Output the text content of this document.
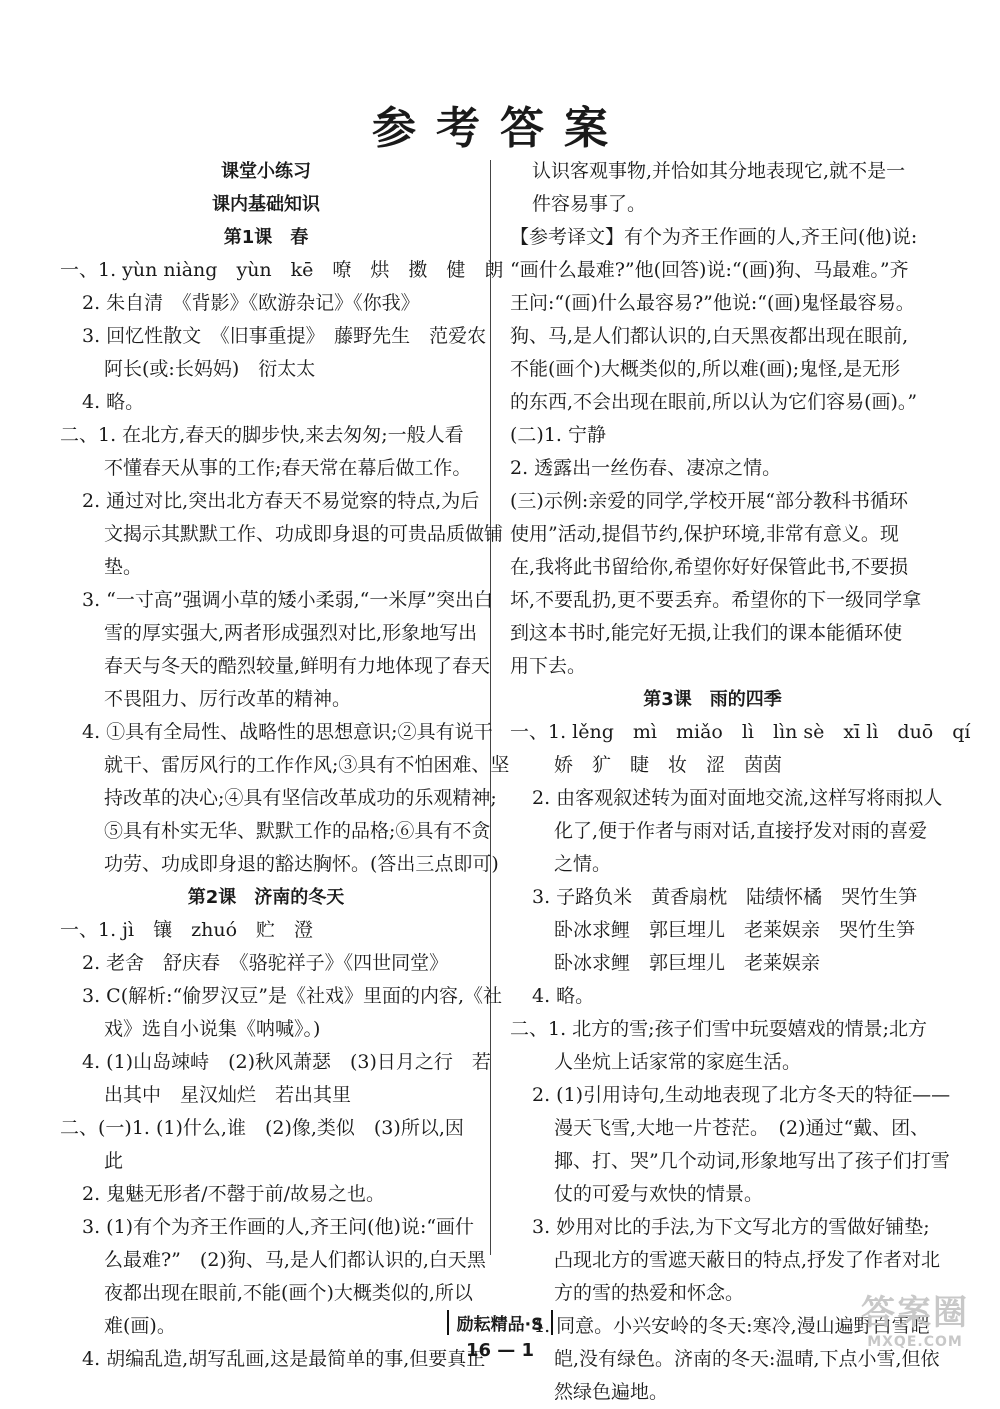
参考答案
课堂小练习
课内基础知识
第1课　春
一、1. yùn niàng　yùn　kē　嘹　烘　擞　健　朗
2. 朱自清　《背影》《欧游杂记》《你我》
3. 回忆性散文　《旧事重提》　藤野先生　范爱农
阿长(或:长妈妈)　衍太太
4. 略。
二、1. 在北方,春天的脚步快,来去匆匆;一般人看
不懂春天从事的工作;春天常在幕后做工作。
2. 通过对比,突出北方春天不易觉察的特点,为后
文揭示其默默工作、功成即身退的可贵品质做铺
垫。
3. “一寸高”强调小草的矮小柔弱,“一米厚”突出白
雪的厚实强大,两者形成强烈对比,形象地写出
春天与冬天的酷烈较量,鲜明有力地体现了春天
不畏阻力、厉行改革的精神。
4. ①具有全局性、战略性的思想意识;②具有说干
就干、雷厉风行的工作作风;③具有不怕困难、坚
持改革的决心;④具有坚信改革成功的乐观精神;
⑤具有朴实无华、默默工作的品格;⑥具有不贪
功劳、功成即身退的豁达胸怀。(答出三点即可)
第2课　济南的冬天
一、1. jì　镶　zhuó　贮　澄
2. 老舍　舒庆春　《骆驼祥子》《四世同堂》
3. C(解析:“偷罗汉豆”是《社戏》里面的内容,《社
戏》选自小说集《呐喊》。)
4. (1)山岛竦峙　(2)秋风萧瑟　(3)日月之行　若
出其中　星汉灿烂　若出其里
二、(一)1. (1)什么,谁　(2)像,类似　(3)所以,因
此
2. 鬼魅无形者/不罄于前/故易之也。
3. (1)有个为齐王作画的人,齐王问(他)说:“画什
么最难?”　(2)狗、马,是人们都认识的,白天黑
夜都出现在眼前,不能(画个)大概类似的,所以
难(画)。
4. 胡编乱造,胡写乱画,这是最简单的事,但要真正
认识客观事物,并恰如其分地表现它,就不是一
件容易事了。
【参考译文】有个为齐王作画的人,齐王问(他)说:
“画什么最难?”他(回答)说:“(画)狗、马最难。”齐
王问:“(画)什么最容易?”他说:“(画)鬼怪最容易。
狗、马,是人们都认识的,白天黑夜都出现在眼前,
不能(画个)大概类似的,所以难(画);鬼怪,是无形
的东西,不会出现在眼前,所以认为它们容易(画)。”
(二)1. 宁静
2. 透露出一丝伤春、凄凉之情。
(三)示例:亲爱的同学,学校开展“部分教科书循环
使用”活动,提倡节约,保护环境,非常有意义。现
在,我将此书留给你,希望你好好保管此书,不要损
坏,不要乱扔,更不要丢弃。希望你的下一级同学拿
到这本书时,能完好无损,让我们的课本能循环使
用下去。
第3课　雨的四季
一、1. lěng　mì　miǎo　lì　lìn sè　xī lì　duō　qí
娇　犷　睫　妆　涩　茵茵
2. 由客观叙述转为面对面地交流,这样写将雨拟人
化了,便于作者与雨对话,直接抒发对雨的喜爱
之情。
3. 子路负米　黄香扇枕　陆绩怀橘　哭竹生笋
卧冰求鲤　郭巨埋儿　老莱娱亲　哭竹生笋
卧冰求鲤　郭巨埋儿　老莱娱亲
4. 略。
二、1. 北方的雪;孩子们雪中玩耍嬉戏的情景;北方
人坐炕上话家常的家庭生活。
2. (1)引用诗句,生动地表现了北方冬天的特征——
漫天飞雪,大地一片苍茫。　(2)通过“戴、团、
揶、打、哭”几个动词,形象地写出了孩子们打雪
仗的可爱与欢快的情景。
3. 妙用对比的手法,为下文写北方的雪做好铺垫;
凸现北方的雪遮天蔽日的特点,抒发了作者对北
方的雪的热爱和怀念。
4. 同意。小兴安岭的冬天:寒冷,漫山遍野白雪皑
皑,没有绿色。济南的冬天:温晴,下点小雪,但依
然绿色遍地。
励耘精品·S
16 — 1
答案圈
MXQE.COM
